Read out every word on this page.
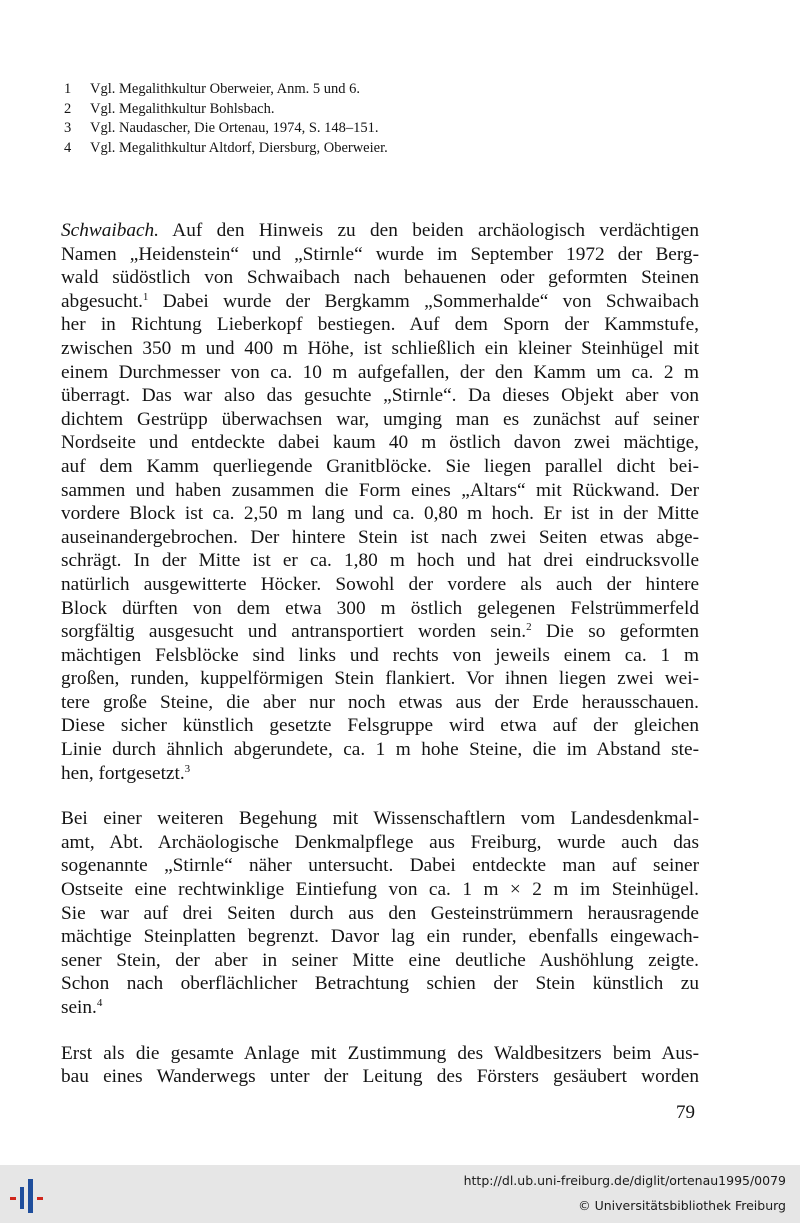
1	Vgl. Megalithkultur Oberweier, Anm. 5 und 6.
2	Vgl. Megalithkultur Bohlsbach.
3	Vgl. Naudascher, Die Ortenau, 1974, S. 148–151.
4	Vgl. Megalithkultur Altdorf, Diersburg, Oberweier.
Schwaibach. Auf den Hinweis zu den beiden archäologisch verdächtigen
Namen „Heidenstein“ und „Stirnle“ wurde im September 1972 der Berg-
wald südöstlich von Schwaibach nach behauenen oder geformten Steinen
abgesucht.$^1$ Dabei wurde der Bergkamm „Sommerhalde“ von Schwaibach
her in Richtung Lieberkopf bestiegen. Auf dem Sporn der Kammstufe,
zwischen 350 m und 400 m Höhe, ist schließlich ein kleiner Steinhügel mit
einem Durchmesser von ca. 10 m aufgefallen, der den Kamm um ca. 2 m
überragt. Das war also das gesuchte „Stirnle“. Da dieses Objekt aber von
dichtem Gestrüpp überwachsen war, umging man es zunächst auf seiner
Nordseite und entdeckte dabei kaum 40 m östlich davon zwei mächtige,
auf dem Kamm querliegende Granitblöcke. Sie liegen parallel dicht bei-
sammen und haben zusammen die Form eines „Altars“ mit Rückwand. Der
vordere Block ist ca. 2,50 m lang und ca. 0,80 m hoch. Er ist in der Mitte
auseinandergebrochen. Der hintere Stein ist nach zwei Seiten etwas abge-
schrägt. In der Mitte ist er ca. 1,80 m hoch und hat drei eindrucksvolle
natürlich ausgewitterte Höcker. Sowohl der vordere als auch der hintere
Block dürften von dem etwa 300 m östlich gelegenen Felstrümmerfeld
sorgfältig ausgesucht und antransportiert worden sein.$^2$ Die so geformten
mächtigen Felsblöcke sind links und rechts von jeweils einem ca. 1 m
großen, runden, kuppelförmigen Stein flankiert. Vor ihnen liegen zwei wei-
tere große Steine, die aber nur noch etwas aus der Erde herausschauen.
Diese sicher künstlich gesetzte Felsgruppe wird etwa auf der gleichen
Linie durch ähnlich abgerundete, ca. 1 m hohe Steine, die im Abstand ste-
hen, fortgesetzt.$^3$
Bei einer weiteren Begehung mit Wissenschaftlern vom Landesdenkmal-
amt, Abt. Archäologische Denkmalpflege aus Freiburg, wurde auch das
sogenannte „Stirnle“ näher untersucht. Dabei entdeckte man auf seiner
Ostseite eine rechtwinklige Eintiefung von ca. 1 m × 2 m im Steinhügel.
Sie war auf drei Seiten durch aus den Gesteinstrümmern herausragende
mächtige Steinplatten begrenzt. Davor lag ein runder, ebenfalls eingewach-
sener Stein, der aber in seiner Mitte eine deutliche Aushöhlung zeigte.
Schon nach oberflächlicher Betrachtung schien der Stein künstlich zu
sein.$^4$
Erst als die gesamte Anlage mit Zustimmung des Waldbesitzers beim Aus-
bau eines Wanderwegs unter der Leitung des Försters gesäubert worden
79
http://dl.ub.uni-freiburg.de/diglit/ortenau1995/0079
© Universitätsbibliothek Freiburg
